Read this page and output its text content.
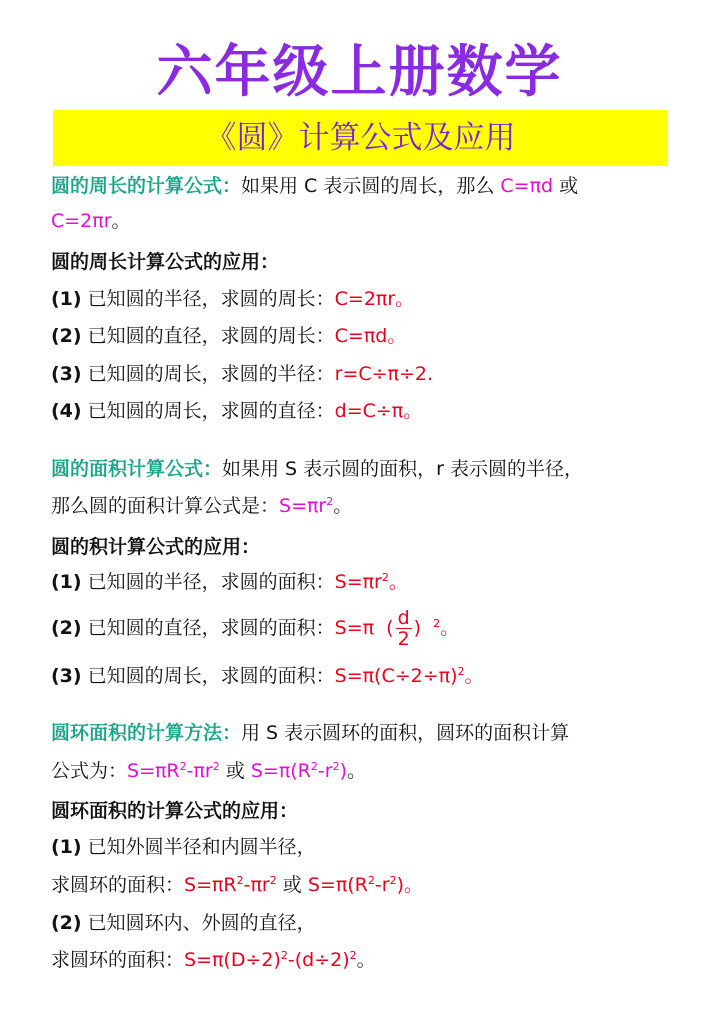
六年级上册数学
《圆》计算公式及应用
圆的周长的计算公式：如果用 C 表示圆的周长，那么 C=πd 或
C=2πr。
圆的周长计算公式的应用：
(1) 已知圆的半径，求圆的周长：C=2πr。
(2) 已知圆的直径，求圆的周长：C=πd。
(3) 已知圆的周长，求圆的半径：r=C÷π÷2.
(4) 已知圆的周长，求圆的直径：d=C÷π。
圆的面积计算公式：如果用 S 表示圆的面积，r 表示圆的半径，
那么圆的面积计算公式是：$S=\pi r^2$。
圆的积计算公式的应用：
(1) 已知圆的半径，求圆的面积：$S=\pi r^2$。
(2) 已知圆的直径，求圆的面积：S=π ( $\frac{d}{2}$ ) $^2$。
(3) 已知圆的周长，求圆的面积：$S=\pi(C\div 2\div\pi)^2$。
圆环面积的计算方法：用 S 表示圆环的面积，圆环的面积计算
公式为：$S=\pi R^2-\pi r^2$ 或 $S=\pi(R^2-r^2)$。
圆环面积的计算公式的应用：
(1) 已知外圆半径和内圆半径，
求圆环的面积：$S=\pi R^2-\pi r^2$ 或 $S=\pi(R^2-r^2)$。
(2) 已知圆环内、外圆的直径，
求圆环的面积：$S=\pi(D\div 2)^2-(d\div 2)^2$。
